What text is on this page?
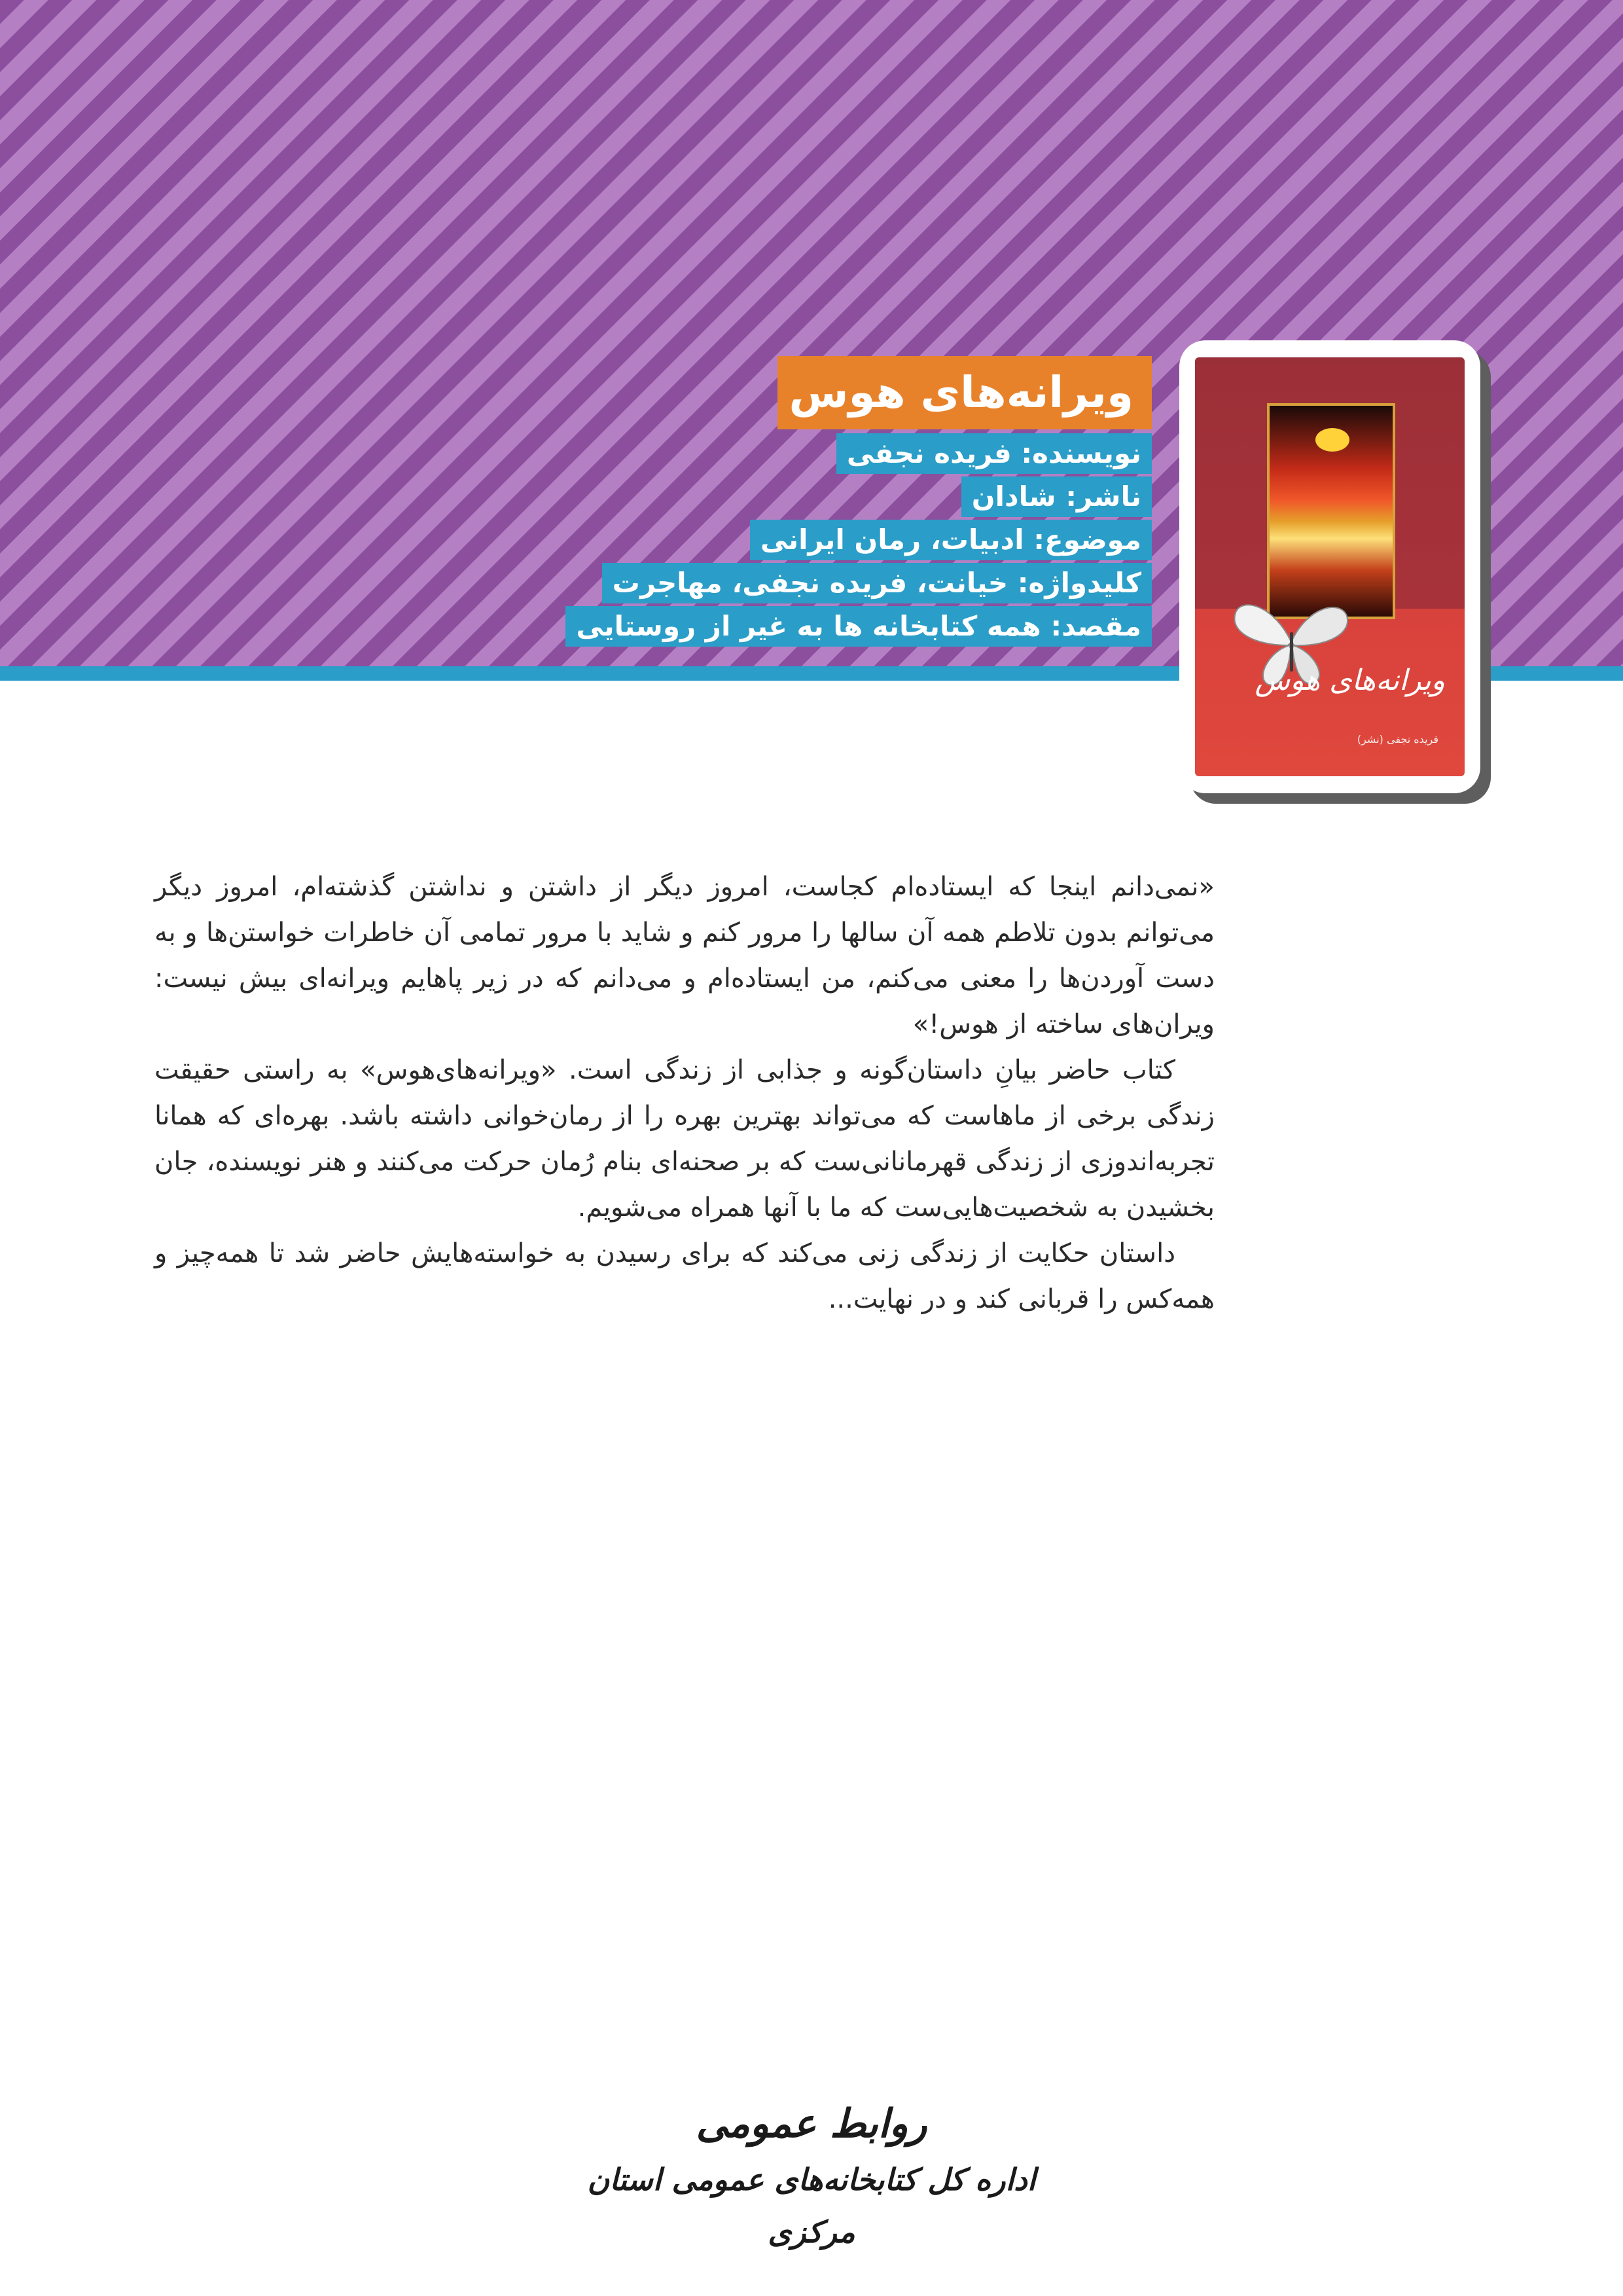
ویرانه‌های هوس
نویسنده: فریده نجفی
ناشر: شادان
موضوع: ادبیات، رمان ایرانی
کلیدواژه: خیانت، فریده نجفی، مهاجرت
مقصد: همه کتابخانه ها به غیر از روستایی
ویرانه‌های هوس
فریده نجفی (نشر)

«نمی‌دانم اینجا که ایستاده‌ام کجاست، امروز دیگر از داشتن و نداشتن گذشته‌ام، امروز دیگر می‌توانم بدون تلاطم همه آن سالها را مرور کنم و شاید با مرور تمامی آن خاطرات خواستن‌ها و به دست آوردن‌ها را معنی می‌کنم، من ایستاده‌ام و می‌دانم که در زیر پاهایم ویرانه‌ای بیش نیست: ویران‌های ساخته از هوس!»

کتاب حاضر بیانِ داستان‌گونه و جذابی از زندگی است. «ویرانه‌های‌هوس» به راستی حقیقت زندگی برخی از ماهاست که می‌تواند بهترین بهره را از رمان‌خوانی داشته باشد. بهره‌ای که همانا تجربه‌اندوزی از زندگی قهرمانانی‌ست که بر صحنه‌ای بنام رُمان حرکت می‌کنند و هنر نویسنده، جان بخشیدن به شخصیت‌هایی‌ست که ما با آنها همراه می‌شویم.

داستان حکایت از زندگی زنی می‌کند که برای رسیدن به خواسته‌هایش حاضر شد تا همه‌چیز و همه‌کس را قربانی کند و در نهایت...

روابط عمومی
اداره کل کتابخانه‌های عمومی استان مرکزی
